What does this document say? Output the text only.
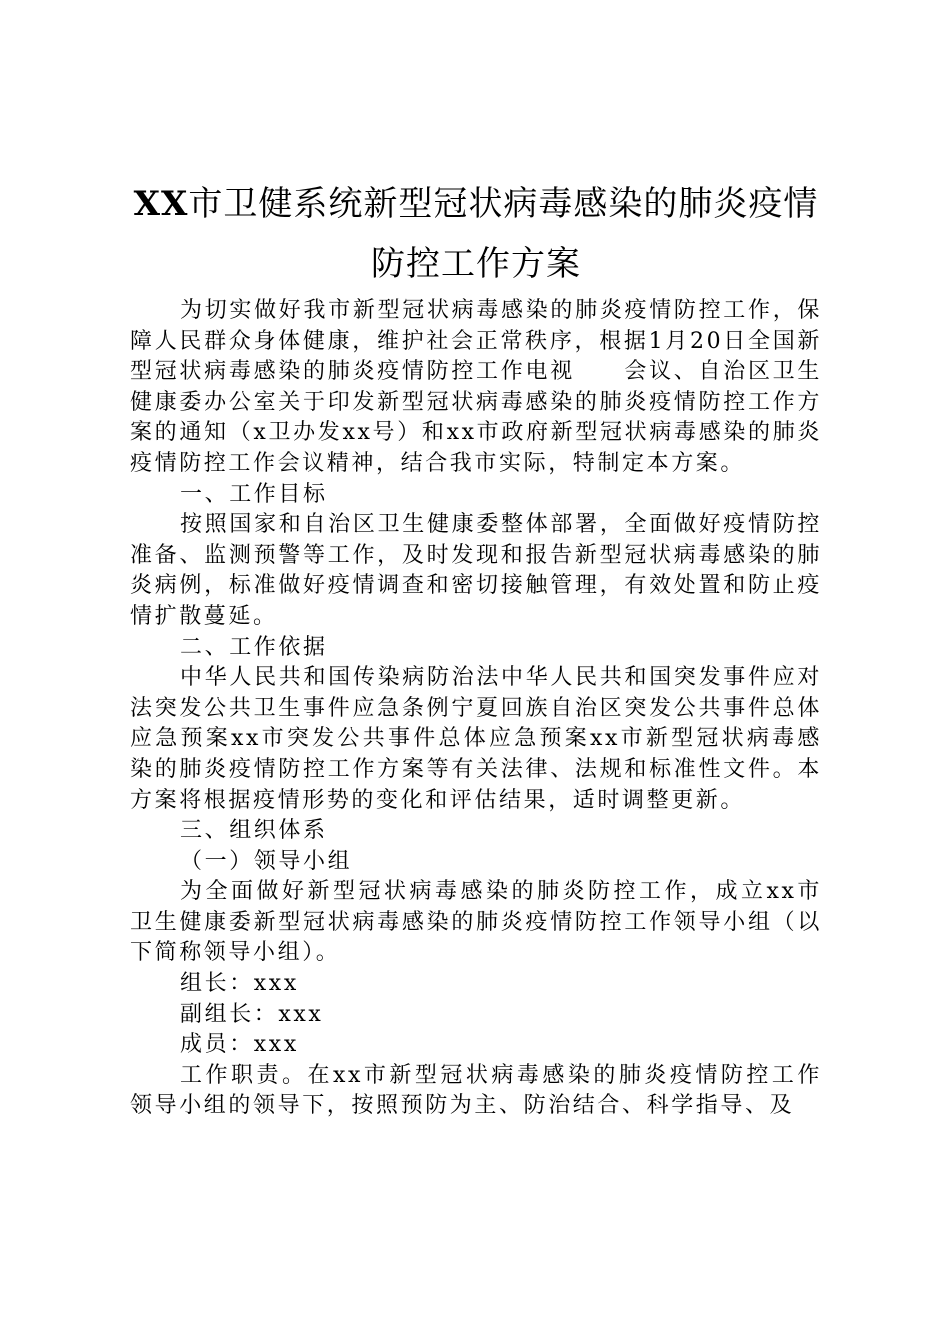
XX市卫健系统新型冠状病毒感染的肺炎疫情
防控工作方案

为切实做好我市新型冠状病毒感染的肺炎疫情防控工作，保障人民群众身体健康，维护社会正常秩序，根据1月20日全国新型冠状病毒感染的肺炎疫情防控工作电视　　会议、自治区卫生健康委办公室关于印发新型冠状病毒感染的肺炎疫情防控工作方案的通知（x卫办发xx号）和xx市政府新型冠状病毒感染的肺炎疫情防控工作会议精神，结合我市实际，特制定本方案。

一、工作目标

按照国家和自治区卫生健康委整体部署，全面做好疫情防控准备、监测预警等工作，及时发现和报告新型冠状病毒感染的肺炎病例，标准做好疫情调查和密切接触管理，有效处置和防止疫情扩散蔓延。

二、工作依据

中华人民共和国传染病防治法中华人民共和国突发事件应对法突发公共卫生事件应急条例宁夏回族自治区突发公共事件总体应急预案xx市突发公共事件总体应急预案xx市新型冠状病毒感染的肺炎疫情防控工作方案等有关法律、法规和标准性文件。本方案将根据疫情形势的变化和评估结果，适时调整更新。

三、组织体系

（一）领导小组

为全面做好新型冠状病毒感染的肺炎防控工作，成立xx市卫生健康委新型冠状病毒感染的肺炎疫情防控工作领导小组（以下简称领导小组）。

组长：xxx

副组长：xxx

成员：xxx

工作职责。在xx市新型冠状病毒感染的肺炎疫情防控工作领导小组的领导下，按照预防为主、防治结合、科学指导、及
